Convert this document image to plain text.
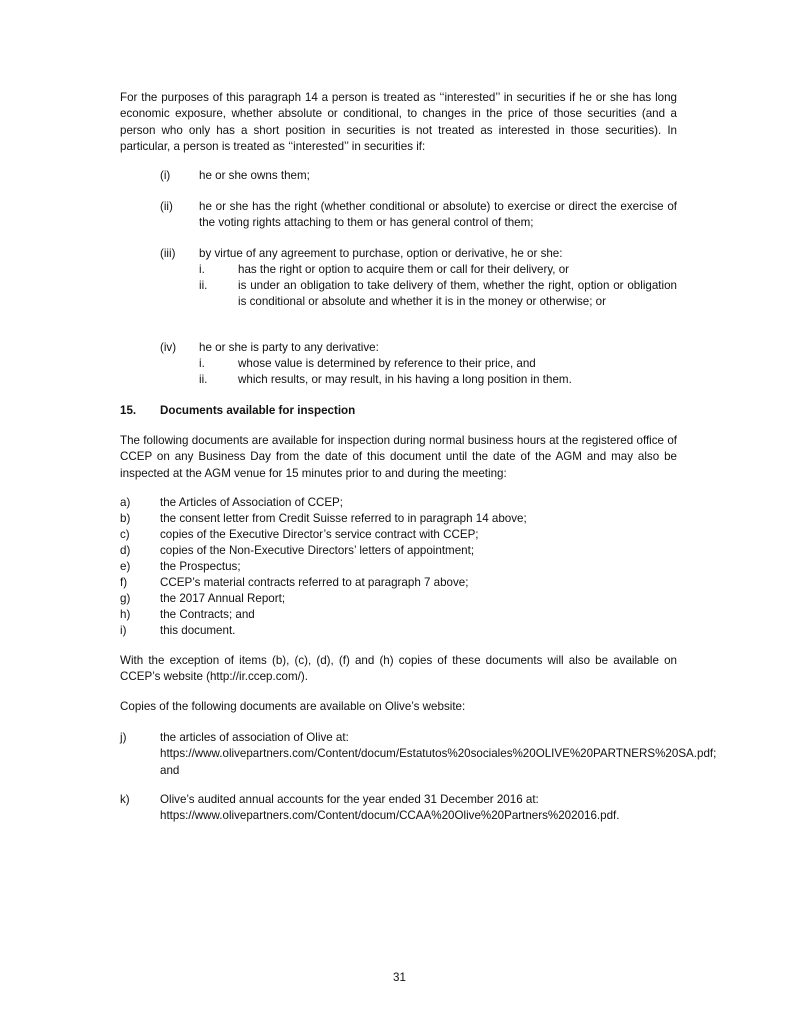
For the purposes of this paragraph 14 a person is treated as ‘‘interested’’ in securities if he or she has long economic exposure, whether absolute or conditional, to changes in the price of those securities (and a person who only has a short position in securities is not treated as interested in those securities). In particular, a person is treated as ‘‘interested’’ in securities if:

(i) he or she owns them;

(ii) he or she has the right (whether conditional or absolute) to exercise or direct the exercise of the voting rights attaching to them or has general control of them;

(iii) by virtue of any agreement to purchase, option or derivative, he or she:

i.	has the right or option to acquire them or call for their delivery, or

ii.	is under an obligation to take delivery of them, whether the right, option or obligation is conditional or absolute and whether it is in the money or otherwise; or

(iv) he or she is party to any derivative:

i.	whose value is determined by reference to their price, and

ii.	which results, or may result, in his having a long position in them.

15. Documents available for inspection

The following documents are available for inspection during normal business hours at the registered office of CCEP on any Business Day from the date of this document until the date of the AGM and may also be inspected at the AGM venue for 15 minutes prior to and during the meeting:

a)	the Articles of Association of CCEP;

b)	the consent letter from Credit Suisse referred to in paragraph 14 above;

c)	copies of the Executive Director’s service contract with CCEP;

d)	copies of the Non-Executive Directors’ letters of appointment;

e)	the Prospectus;

f)	CCEP’s material contracts referred to at paragraph 7 above;

g)	the 2017 Annual Report;

h)	the Contracts; and

i)	this document.

With the exception of items (b), (c), (d), (f) and (h) copies of these documents will also be available on CCEP’s website (http://ir.ccep.com/).

Copies of the following documents are available on Olive’s website:

j)	the articles of association of Olive at:
https://www.olivepartners.com/Content/docum/Estatutos%20sociales%20OLIVE%20PARTNERS%20SA.pdf;
and
k)	Olive’s audited annual accounts for the year ended 31 December 2016 at:
https://www.olivepartners.com/Content/docum/CCAA%20Olive%20Partners%202016.pdf.
31
